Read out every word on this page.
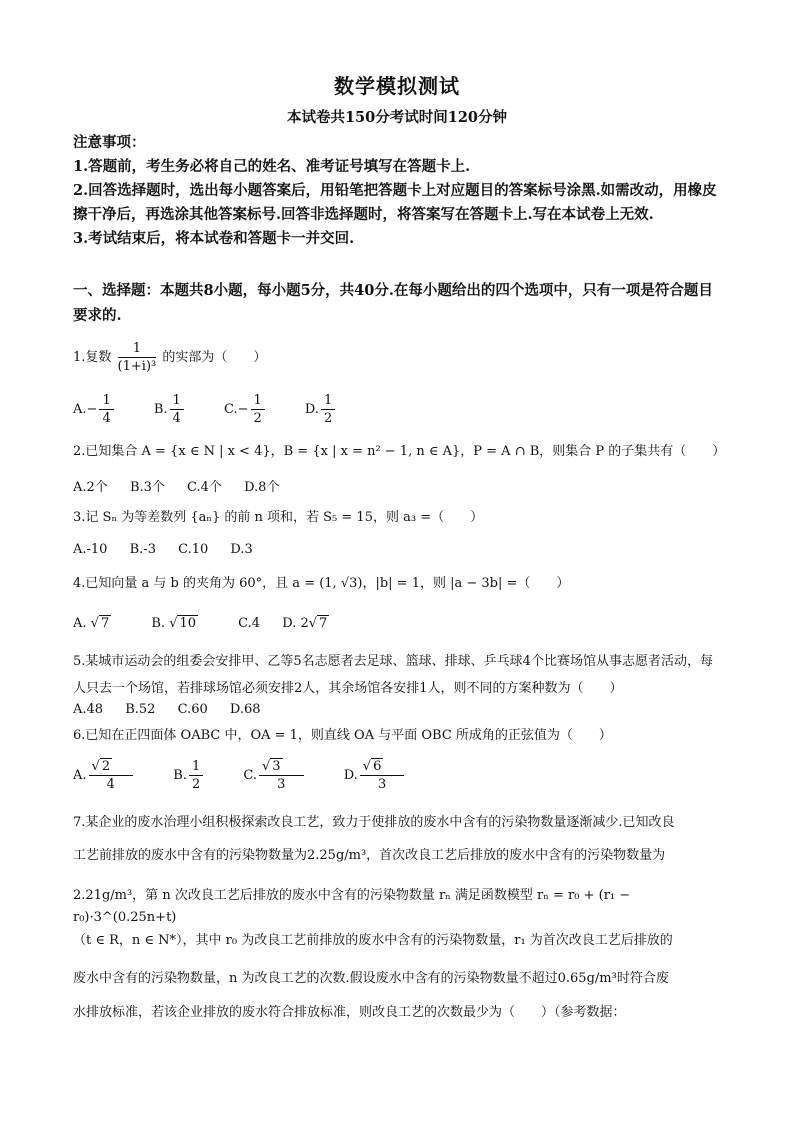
数学模拟测试
本试卷共150分考试时间120分钟

注意事项：

1.答题前，考生务必将自己的姓名、准考证号填写在答题卡上.

2.回答选择题时，选出每小题答案后，用铅笔把答题卡上对应题目的答案标号涂黑.如需改动，用橡皮擦干净后，再选涂其他答案标号.回答非选择题时，将答案写在答题卡上.写在本试卷上无效.

3.考试结束后，将本试卷和答题卡一并交回.

一、选择题：本题共8小题，每小题5分，共40分.在每小题给出的四个选项中，只有一项是符合题目要求的.
1.复数 $\frac{1}{\text{(1+i)³}}$ 的实部为（　　）
$A.- \frac{1}{4} B$. $\frac{1}{4} C.- \frac{1}{2} D$. $\frac{1}{2}$
2.已知集合 A = {x ∈ N | x < 4}，B = {x | x = n² − 1, n ∈ A}，P = A ∩ B，则集合 P 的子集共有（　　）
A.2个 B.3个 C.4个 D.8个
3.记 Sₙ 为等差数列 {aₙ} 的前 n 项和，若 S₅ = 15，则 a₃ =（　　）
A.-10 B.-3 C.10 D.3
4.已知向量 a 与 b 的夹角为 60°，且 a = (1, √3)，|b| = 1，则 |a − 3b| =（　　）
A. √ 7	B. √ 10	C.4 D. 2√ 7
5.某城市运动会的组委会安排甲、乙等5名志愿者去足球、篮球、排球、乒乓球4个比赛场馆从事志愿者活动，每人只去一个场馆，若排球场馆必须安排2人，其余场馆各安排1人，则不同的方案种数为（　　）
A.48 B.52 C.60 D.68
6.已知在正四面体 OABC 中，OA = 1，则直线 OA 与平面 OBC 所成角的正弦值为（　　）
A. $\frac{√ 2}{4} B$. $\frac{1}{2} C$. $\frac{√ 3}{3} D$. $\frac{√ 6}{3}$
7.某企业的废水治理小组积极探索改良工艺，致力于使排放的废水中含有的污染物数量逐渐减少.已知改良
工艺前排放的废水中含有的污染物数量为2.25g/m³，首次改良工艺后排放的废水中含有的污染物数量为
2.21g/m³，第 n 次改良工艺后排放的废水中含有的污染物数量 rₙ 满足函数模型 rₙ = r₀ + (r₁ − r₀)·3^(0.25n+t)
（t ∈ R，n ∈ N*），其中 r₀ 为改良工艺前排放的废水中含有的污染物数量，r₁ 为首次改良工艺后排放的
废水中含有的污染物数量，n 为改良工艺的次数.假设废水中含有的污染物数量不超过0.65g/m³时符合废
水排放标准，若该企业排放的废水符合排放标准，则改良工艺的次数最少为（　　）（参考数据：
